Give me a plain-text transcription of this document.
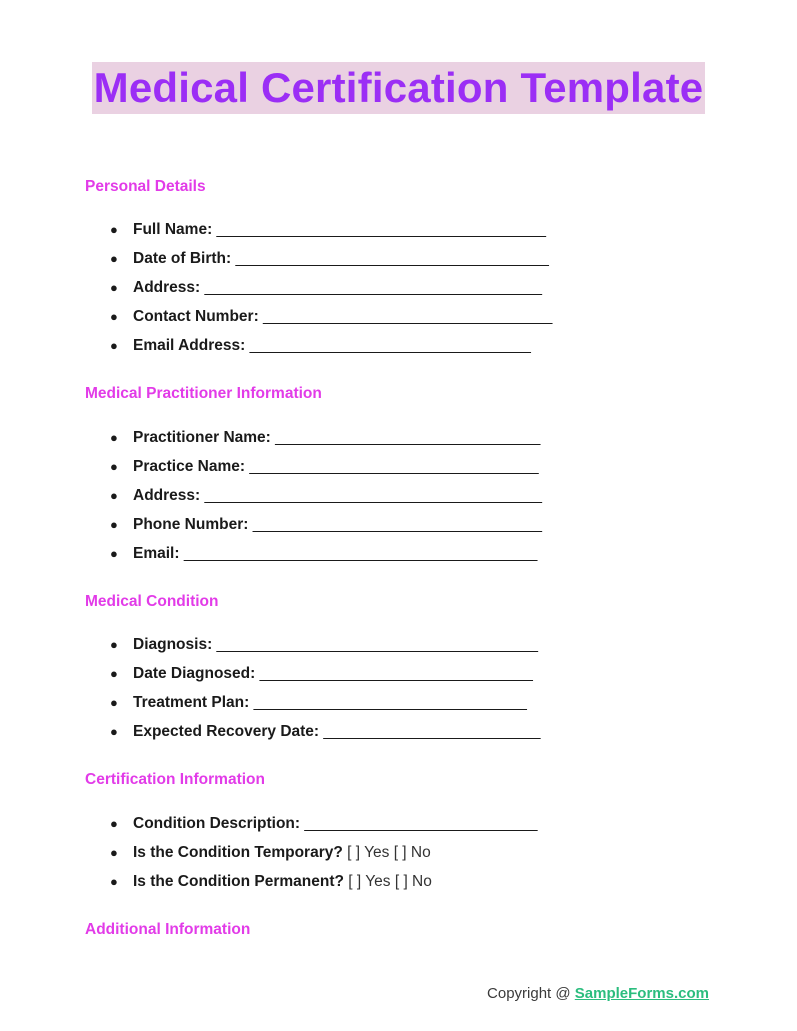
Medical Certification Template
Personal Details
● Full Name: _________________________________________
● Date of Birth: _______________________________________
● Address: __________________________________________
● Contact Number: ____________________________________
● Email Address: ___________________________________
Medical Practitioner Information
● Practitioner Name: _________________________________
● Practice Name: ____________________________________
● Address: __________________________________________
● Phone Number: ____________________________________
● Email: ____________________________________________
Medical Condition
● Diagnosis: ________________________________________
● Date Diagnosed: __________________________________
● Treatment Plan: __________________________________
● Expected Recovery Date: ___________________________
Certification Information
● Condition Description: _____________________________
● Is the Condition Temporary? [ ] Yes [ ] No
● Is the Condition Permanent? [ ] Yes [ ] No
Additional Information
Copyright @ SampleForms.com
